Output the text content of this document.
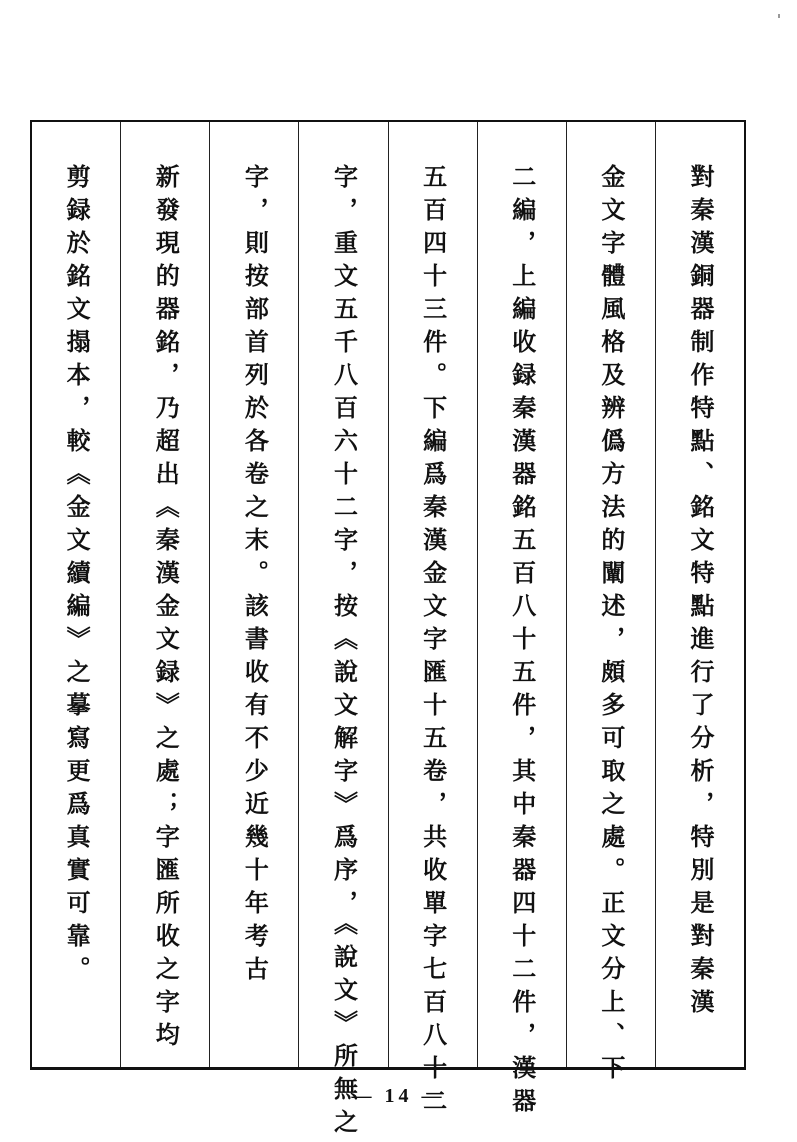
對秦漢銅器制作特點、銘文特點進行了分析，特別是對秦漢
金文字體風格及辨僞方法的闡述，頗多可取之處。正文分上、下
二編，上編收録秦漢器銘五百八十五件，其中秦器四十二件，漢器
五百四十三件。下編爲秦漢金文字匯十五卷，共收單字七百八十二
字，重文五千八百六十二字，按《說文解字》爲序，《說文》所無之
字，則按部首列於各卷之末。該書收有不少近幾十年考古
新發現的器銘，乃超出《秦漢金文録》之處；字匯所收之字均
剪録於銘文搨本，較《金文續編》之摹寫更爲真實可靠。
— 14 —
